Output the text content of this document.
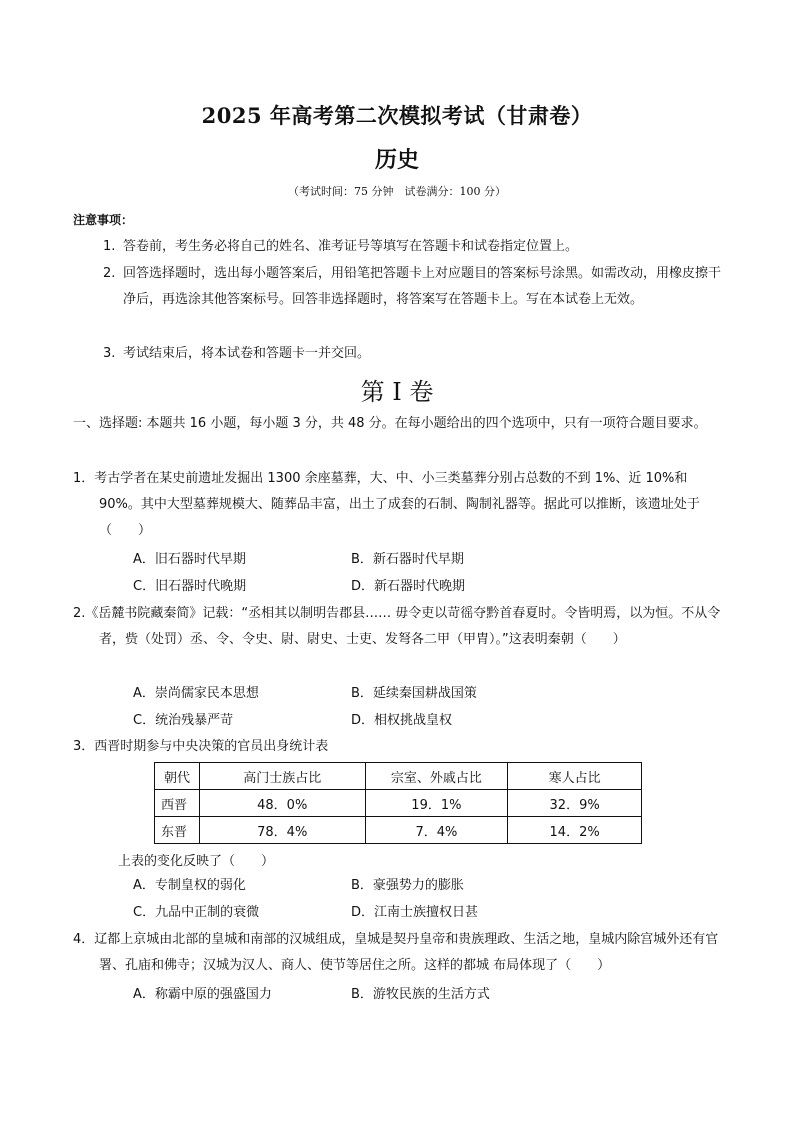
2025 年高考第二次模拟考试（甘肃卷）
历史
（考试时间：75 分钟　试卷满分：100 分）
注意事项：
1. 答卷前，考生务必将自己的姓名、准考证号等填写在答题卡和试卷指定位置上。
2. 回答选择题时，选出每小题答案后，用铅笔把答题卡上对应题目的答案标号涂黑。如需改动，用橡皮擦干净后，再选涂其他答案标号。回答非选择题时，将答案写在答题卡上。写在本试卷上无效。
3. 考试结束后，将本试卷和答题卡一并交回。
第 I 卷
一、选择题: 本题共 16 小题，每小题 3 分，共 48 分。在每小题给出的四个选项中，只有一项符合题目要求。
1．考古学者在某史前遗址发掘出 1300 余座墓葬，大、中、小三类墓葬分别占总数的不到 1%、近 10%和 90%。其中大型墓葬规模大、随葬品丰富，出土了成套的石制、陶制礼器等。据此可以推断，该遗址处于（　　）
A．旧石器时代早期	B．新石器时代早期
C．旧石器时代晚期	D．新石器时代晚期
2.《岳麓书院藏秦简》记载：“丞相其以制明告郡县…… 毋令吏以苛徭夺黔首春夏时。令皆明焉，以为恒。不从令者，赀（处罚）丞、令、令史、尉、尉史、士吏、发弩各二甲（甲胄）。”这表明秦朝（　　）
A．崇尚儒家民本思想	B．延续秦国耕战国策
C．统治残暴严苛	D．相权挑战皇权
3．西晋时期参与中央决策的官员出身统计表
朝代	高门士族占比	宗室、外戚占比	寒人占比
西晋	48．0%	19．1%	32．9%
东晋	78．4%	7．4%	14．2%
上表的变化反映了（　　）
A．专制皇权的弱化	B．豪强势力的膨胀
C．九品中正制的衰微	D．江南士族擅权日甚
4．辽都上京城由北部的皇城和南部的汉城组成，皇城是契丹皇帝和贵族理政、生活之地，皇城内除宫城外还有官署、孔庙和佛寺；汉城为汉人、商人、使节等居住之所。这样的都城 布局体现了（　　）
A．称霸中原的强盛国力	B．游牧民族的生活方式
